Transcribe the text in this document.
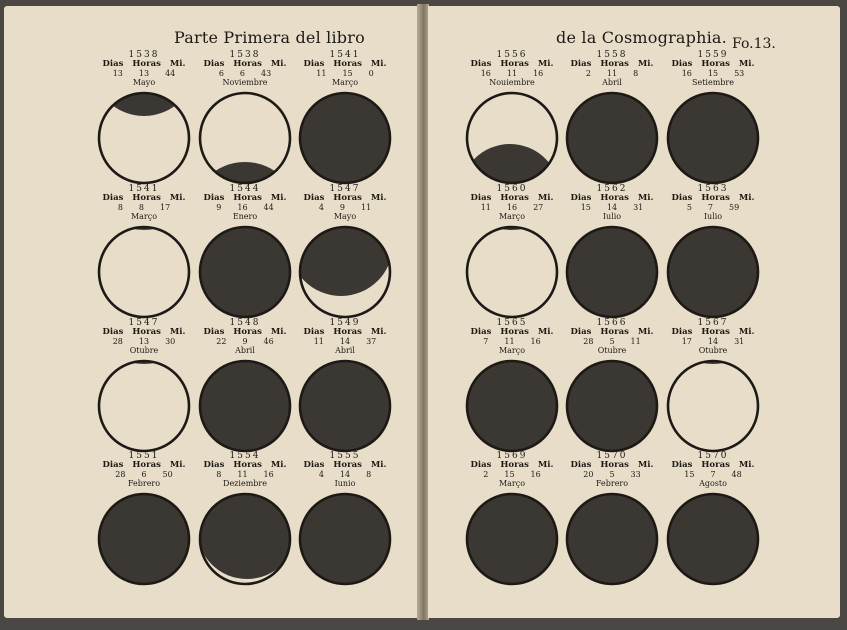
Parte Primera del libro
1538
Dias Horas Mi.
13 13 44
Mayo
1538
Dias Horas Mi.
6 6 43
Noviembre
1541
Dias Horas Mi.
11 15 0
Março
1541
Dias Horas Mi.
8 8 17
Março
1544
Dias Horas Mi.
9 16 44
Enero
1547
Dias Horas Mi.
4 9 11
Mayo
1547
Dias Horas Mi.
28 13 30
Otubre
1548
Dias Horas Mi.
22 9 46
Abril
1549
Dias Horas Mi.
11 14 37
Abril
1551
Dias Horas Mi.
28 6 50
Febrero
1554
Dias Horas Mi.
8 11 16
Deziembre
1555
Dias Horas Mi.
4 14 8
Iunio
de la Cosmographia. Fo.13.
1556
Dias Horas Mi.
16 11 16
Nouiembre
1558
Dias Horas Mi.
2 11 8
Abril
1559
Dias Horas Mi.
16 15 53
Setiembre
1560
Dias Horas Mi.
11 16 27
Março
1562
Dias Horas Mi.
15 14 31
Iulio
1563
Dias Horas Mi.
5 7 59
Iulio
1565
Dias Horas Mi.
7 11 16
Março
1566
Dias Horas Mi.
28 5 11
Otubre
1567
Dias Horas Mi.
17 14 31
Otubre
1569
Dias Horas Mi.
2 15 16
Março
1570
Dias Horas Mi.
20 5 33
Febrero
1570
Dias Horas Mi.
15 7 48
Agosto
